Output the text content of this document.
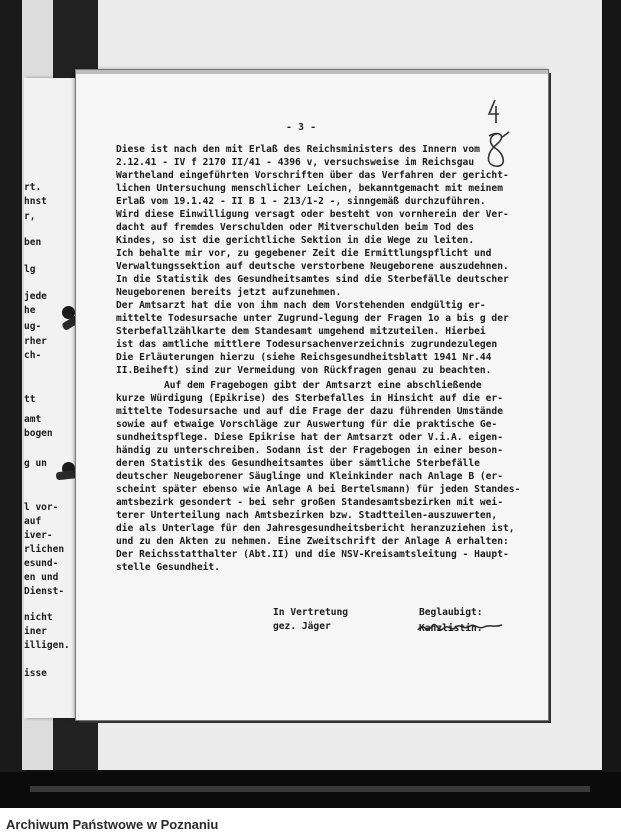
rt.
hnst
r,
ben
lg
jede
he
ug-
rher
ch-
tt
amt
bogen
g un
l vor-
auf
iver-
rlichen
esund-
en und
Dienst-
nicht
iner
illigen.
isse
- 3 -
Diese ist nach den mit Erlaß des Reichsministers des Innern vom
2.12.41 - IV f 2170 II/41 - 4396 v, versuchsweise im Reichsgau
Wartheland eingeführten Vorschriften über das Verfahren der gericht-
lichen Untersuchung menschlicher Leichen, bekanntgemacht mit meinem
Erlaß vom 19.1.42 - II B 1 - 213/1-2 -, sinngemäß durchzuführen.
Wird diese Einwilligung versagt oder besteht von vornherein der Ver-
dacht auf fremdes Verschulden oder Mitverschulden beim Tod des
Kindes, so ist die gerichtliche Sektion in die Wege zu leiten.
Ich behalte mir vor, zu gegebener Zeit die Ermittlungspflicht und
Verwaltungssektion auf deutsche verstorbene Neugeborene auszudehnen.
In die Statistik des Gesundheitsamtes sind die Sterbefälle deutscher
Neugeborenen bereits jetzt aufzunehmen.
Der Amtsarzt hat die von ihm nach dem Vorstehenden endgültig er-
mittelte Todesursache unter Zugrund-legung der Fragen 1o a bis g der
Sterbefallzählkarte dem Standesamt umgehend mitzuteilen. Hierbei
ist das amtliche mittlere Todesursachenverzeichnis zugrundezulegen
Die Erläuterungen hierzu (siehe Reichsgesundheitsblatt 1941 Nr.44
II.Beiheft) sind zur Vermeidung von Rückfragen genau zu beachten.
Auf dem Fragebogen gibt der Amtsarzt eine abschließende
kurze Würdigung (Epikrise) des Sterbefalles in Hinsicht auf die er-
mittelte Todesursache und auf die Frage der dazu führenden Umstände
sowie auf etwaige Vorschläge zur Auswertung für die praktische Ge-
sundheitspflege. Diese Epikrise hat der Amtsarzt oder V.i.A. eigen-
händig zu unterschreiben. Sodann ist der Fragebogen in einer beson-
deren Statistik des Gesundheitsamtes über sämtliche Sterbefälle
deutscher Neugeborener Säuglinge und Kleinkinder nach Anlage B (er-
scheint später ebenso wie Anlage A bei Bertelsmann) für jeden Standes-
amtsbezirk gesondert - bei sehr großen Standesamtsbezirken mit wei-
terer Unterteilung nach Amtsbezirken bzw. Stadtteilen-auszuwerten,
die als Unterlage für den Jahresgesundheitsbericht heranzuziehen ist,
und zu den Akten zu nehmen. Eine Zweitschrift der Anlage A erhalten:
Der Reichsstatthalter (Abt.II) und die NSV-Kreisamtsleitung - Haupt-
stelle Gesundheit.
In Vertretung
gez. Jäger
Beglaubigt:
Kanzlistin.
Archiwum Państwowe w Poznaniu
